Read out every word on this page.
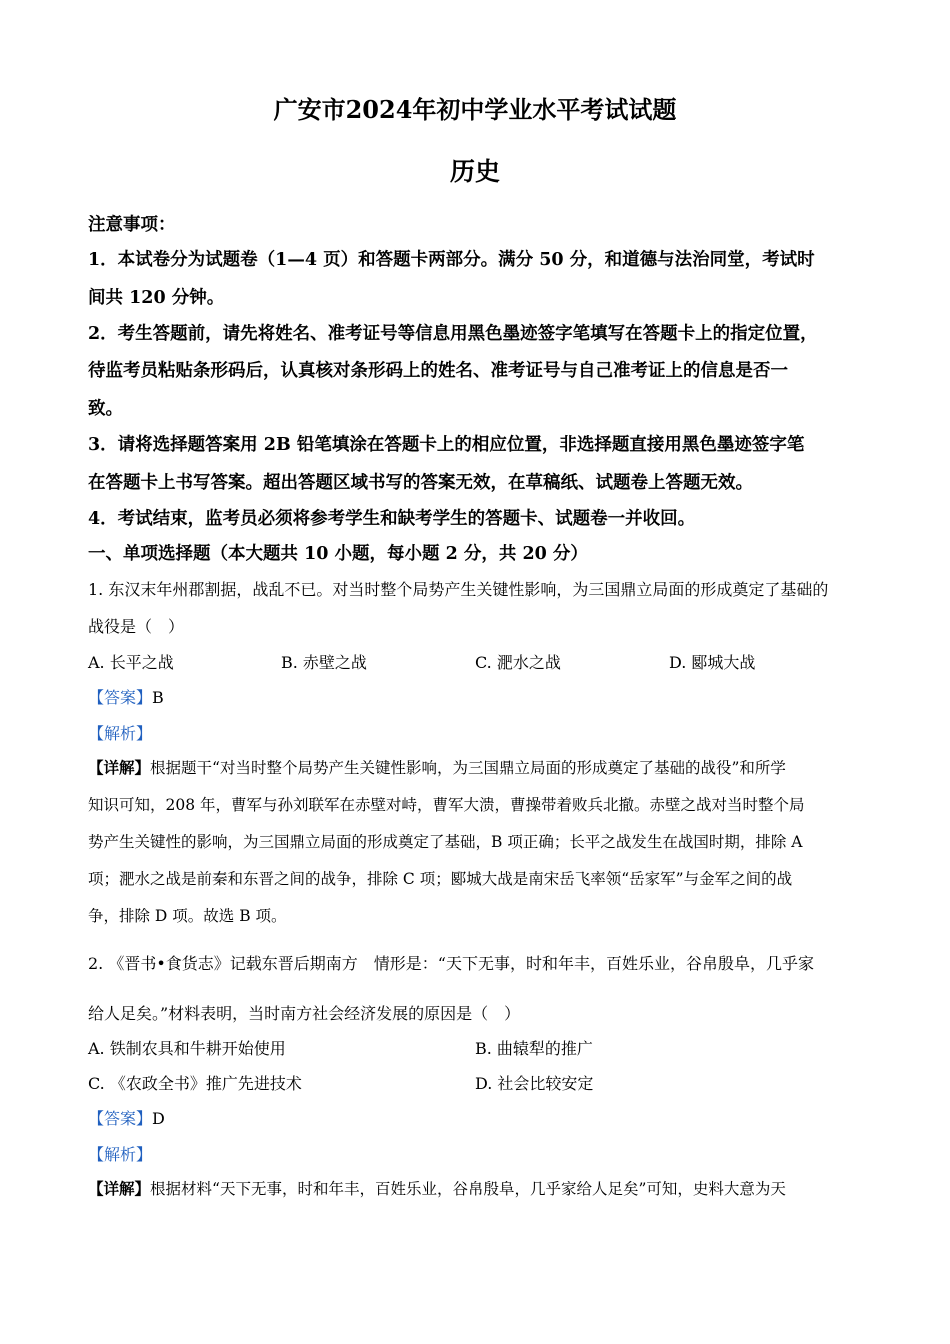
广安市2024年初中学业水平考试试题
历史
注意事项：
1．本试卷分为试题卷（1—4 页）和答题卡两部分。满分 50 分，和道德与法治同堂，考试时
间共 120 分钟。
2．考生答题前，请先将姓名、准考证号等信息用黑色墨迹签字笔填写在答题卡上的指定位置，
待监考员粘贴条形码后，认真核对条形码上的姓名、准考证号与自己准考证上的信息是否一
致。
3．请将选择题答案用 2B 铅笔填涂在答题卡上的相应位置，非选择题直接用黑色墨迹签字笔
在答题卡上书写答案。超出答题区域书写的答案无效，在草稿纸、试题卷上答题无效。
4．考试结束，监考员必须将参考学生和缺考学生的答题卡、试题卷一并收回。
一、单项选择题（本大题共 10 小题，每小题 2 分，共 20 分）
1. 东汉末年州郡割据，战乱不已。对当时整个局势产生关键性影响，为三国鼎立局面的形成奠定了基础的
战役是（　）
A. 长平之战	B. 赤壁之战	C. 淝水之战	D. 郾城大战
【答案】B
【解析】
【详解】根据题干“对当时整个局势产生关键性影响，为三国鼎立局面的形成奠定了基础的战役”和所学
知识可知，208 年，曹军与孙刘联军在赤壁对峙，曹军大溃，曹操带着败兵北撤。赤壁之战对当时整个局
势产生关键性的影响，为三国鼎立局面的形成奠定了基础，B 项正确；长平之战发生在战国时期，排除 A
项；淝水之战是前秦和东晋之间的战争，排除 C 项；郾城大战是南宋岳飞率领“岳家军”与金军之间的战
争，排除 D 项。故选 B 项。
2. 《晋书•食货志》记载东晋后期南方　情形是：“天下无事，时和年丰，百姓乐业，谷帛殷阜，几乎家
给人足矣。”材料表明，当时南方社会经济发展的原因是（　）
A. 铁制农具和牛耕开始使用	B. 曲辕犁的推广
C. 《农政全书》推广先进技术	D. 社会比较安定
【答案】D
【解析】
【详解】根据材料“天下无事，时和年丰，百姓乐业，谷帛殷阜，几乎家给人足矣”可知，史料大意为天
